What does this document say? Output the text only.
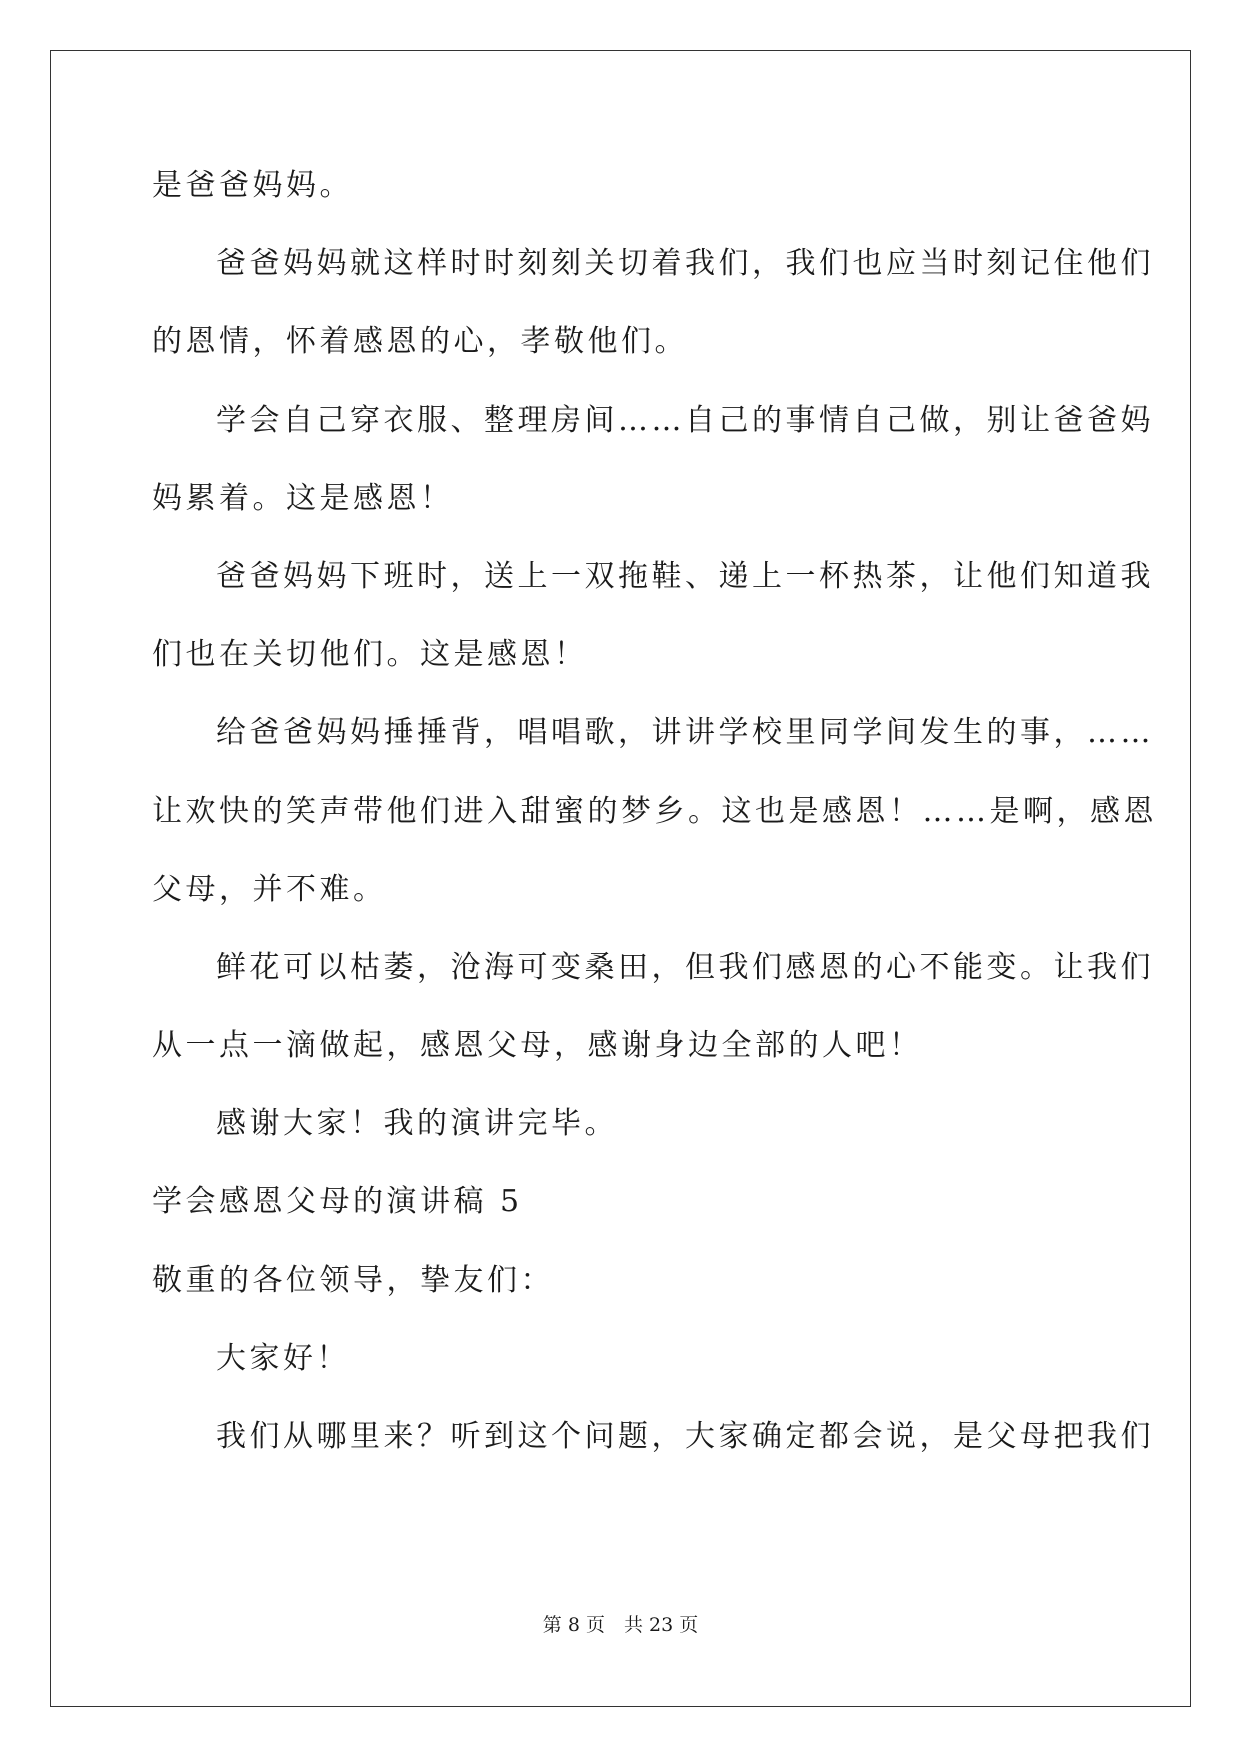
是爸爸妈妈。
爸爸妈妈就这样时时刻刻关切着我们，我们也应当时刻记住他们
的恩情，怀着感恩的心，孝敬他们。
学会自己穿衣服、整理房间……自己的事情自己做，别让爸爸妈
妈累着。这是感恩！
爸爸妈妈下班时，送上一双拖鞋、递上一杯热茶，让他们知道我
们也在关切他们。这是感恩！
给爸爸妈妈捶捶背，唱唱歌，讲讲学校里同学间发生的事，……
让欢快的笑声带他们进入甜蜜的梦乡。这也是感恩！……是啊，感恩
父母，并不难。
鲜花可以枯萎，沧海可变桑田，但我们感恩的心不能变。让我们
从一点一滴做起，感恩父母，感谢身边全部的人吧！
感谢大家！我的演讲完毕。
学会感恩父母的演讲稿 5
敬重的各位领导，挚友们：
大家好！
我们从哪里来？听到这个问题，大家确定都会说，是父母把我们
第 8 页　共 23 页
